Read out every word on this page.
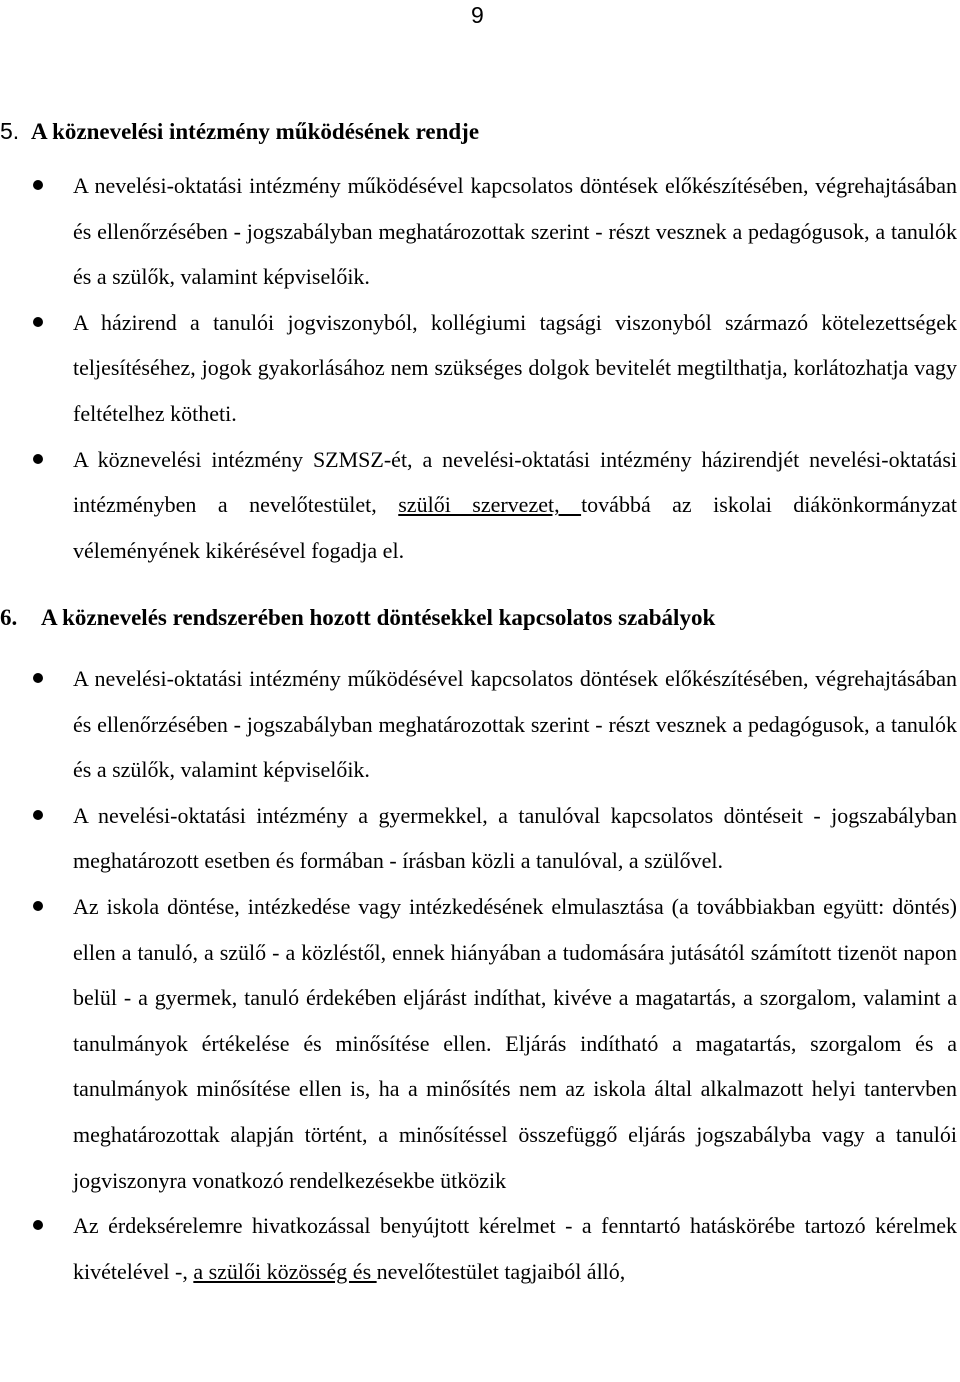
9
5. A köznevelési intézmény működésének rendje
A nevelési-oktatási intézmény működésével kapcsolatos döntések előkészítésében, végrehajtásában és ellenőrzésében - jogszabályban meghatározottak szerint - részt vesznek a pedagógusok, a tanulók és a szülők, valamint képviselőik.
A házirend a tanulói jogviszonyból, kollégiumi tagsági viszonyból származó kötelezettségek teljesítéséhez, jogok gyakorlásához nem szükséges dolgok bevitelét megtilthatja, korlátozhatja vagy feltételhez kötheti.
A köznevelési intézmény SZMSZ-ét, a nevelési-oktatási intézmény házirendjét nevelési-oktatási intézményben a nevelőtestület, szülői szervezet, továbbá az iskolai diákönkormányzat véleményének kikérésével fogadja el.
6. A köznevelés rendszerében hozott döntésekkel kapcsolatos szabályok
A nevelési-oktatási intézmény működésével kapcsolatos döntések előkészítésében, végrehajtásában és ellenőrzésében - jogszabályban meghatározottak szerint - részt vesznek a pedagógusok, a tanulók és a szülők, valamint képviselőik.
A nevelési-oktatási intézmény a gyermekkel, a tanulóval kapcsolatos döntéseit - jogszabályban meghatározott esetben és formában - írásban közli a tanulóval, a szülővel.
Az iskola döntése, intézkedése vagy intézkedésének elmulasztása (a továbbiakban együtt: döntés) ellen a tanuló, a szülő - a közléstől, ennek hiányában a tudomására jutásától számított tizenöt napon belül - a gyermek, tanuló érdekében eljárást indíthat, kivéve a magatartás, a szorgalom, valamint a tanulmányok értékelése és minősítése ellen. Eljárás indítható a magatartás, szorgalom és a tanulmányok minősítése ellen is, ha a minősítés nem az iskola által alkalmazott helyi tantervben meghatározottak alapján történt, a minősítéssel összefüggő eljárás jogszabályba vagy a tanulói jogviszonyra vonatkozó rendelkezésekbe ütközik
Az érdeksérelemre hivatkozással benyújtott kérelmet - a fenntartó hatáskörébe tartozó kérelmek kivételével -, a szülői közösség és nevelőtestület tagjaiból álló,
